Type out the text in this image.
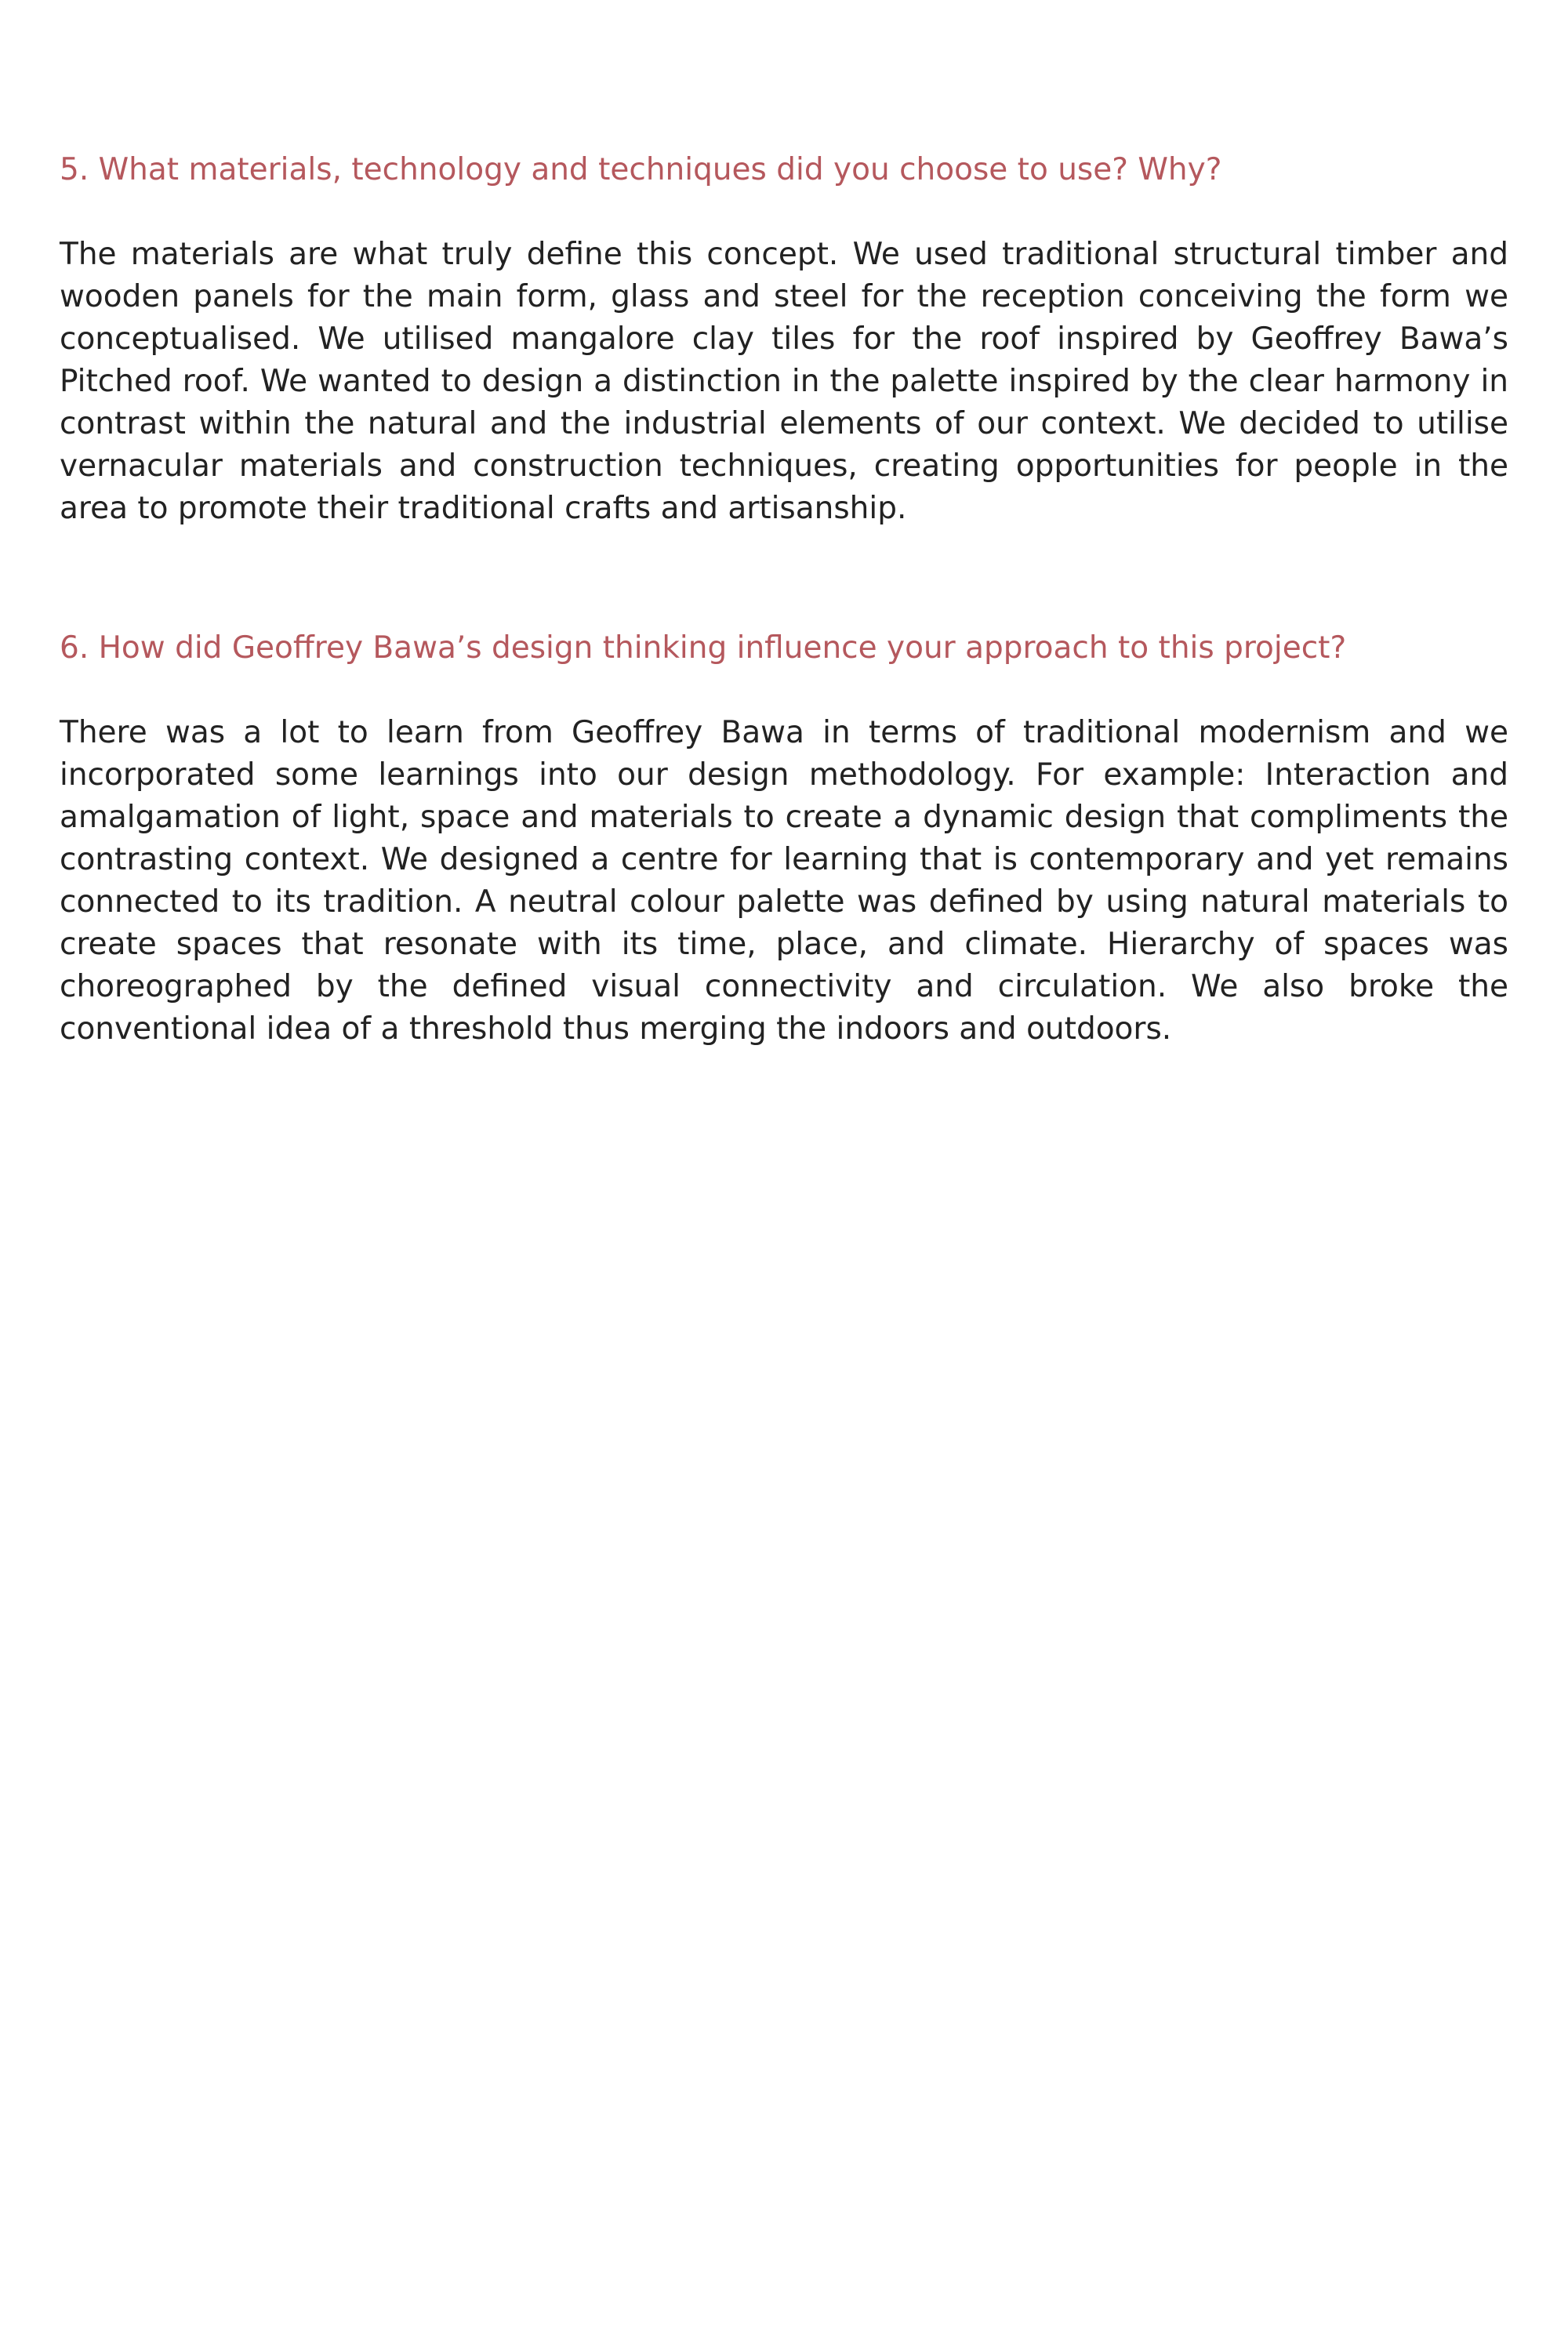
5. What materials, technology and techniques did you choose to use? Why?

The materials are what truly define this concept. We used traditional structural timber and wooden panels for the main form, glass and steel for the reception conceiving the form we conceptualised. We utilised mangalore clay tiles for the roof inspired by Geoffrey Bawa’s Pitched roof. We wanted to design a distinction in the palette inspired by the clear harmony in contrast within the natural and the industrial elements of our context. We decided to utilise vernacular materials and construction techniques, creating opportunities for people in the area to promote their traditional crafts and artisanship.

6. How did Geoffrey Bawa’s design thinking influence your approach to this project?

There was a lot to learn from Geoffrey Bawa in terms of traditional modernism and we incorporated some learnings into our design methodology. For example: Interaction and amalgamation of light, space and materials to create a dynamic design that compliments the contrasting context. We designed a centre for learning that is contemporary and yet remains connected to its tradition. A neutral colour palette was defined by using natural materials to create spaces that resonate with its time, place, and climate. Hierarchy of spaces was choreographed by the defined visual connectivity and circulation. We also broke the conventional idea of a threshold thus merging the indoors and outdoors.
